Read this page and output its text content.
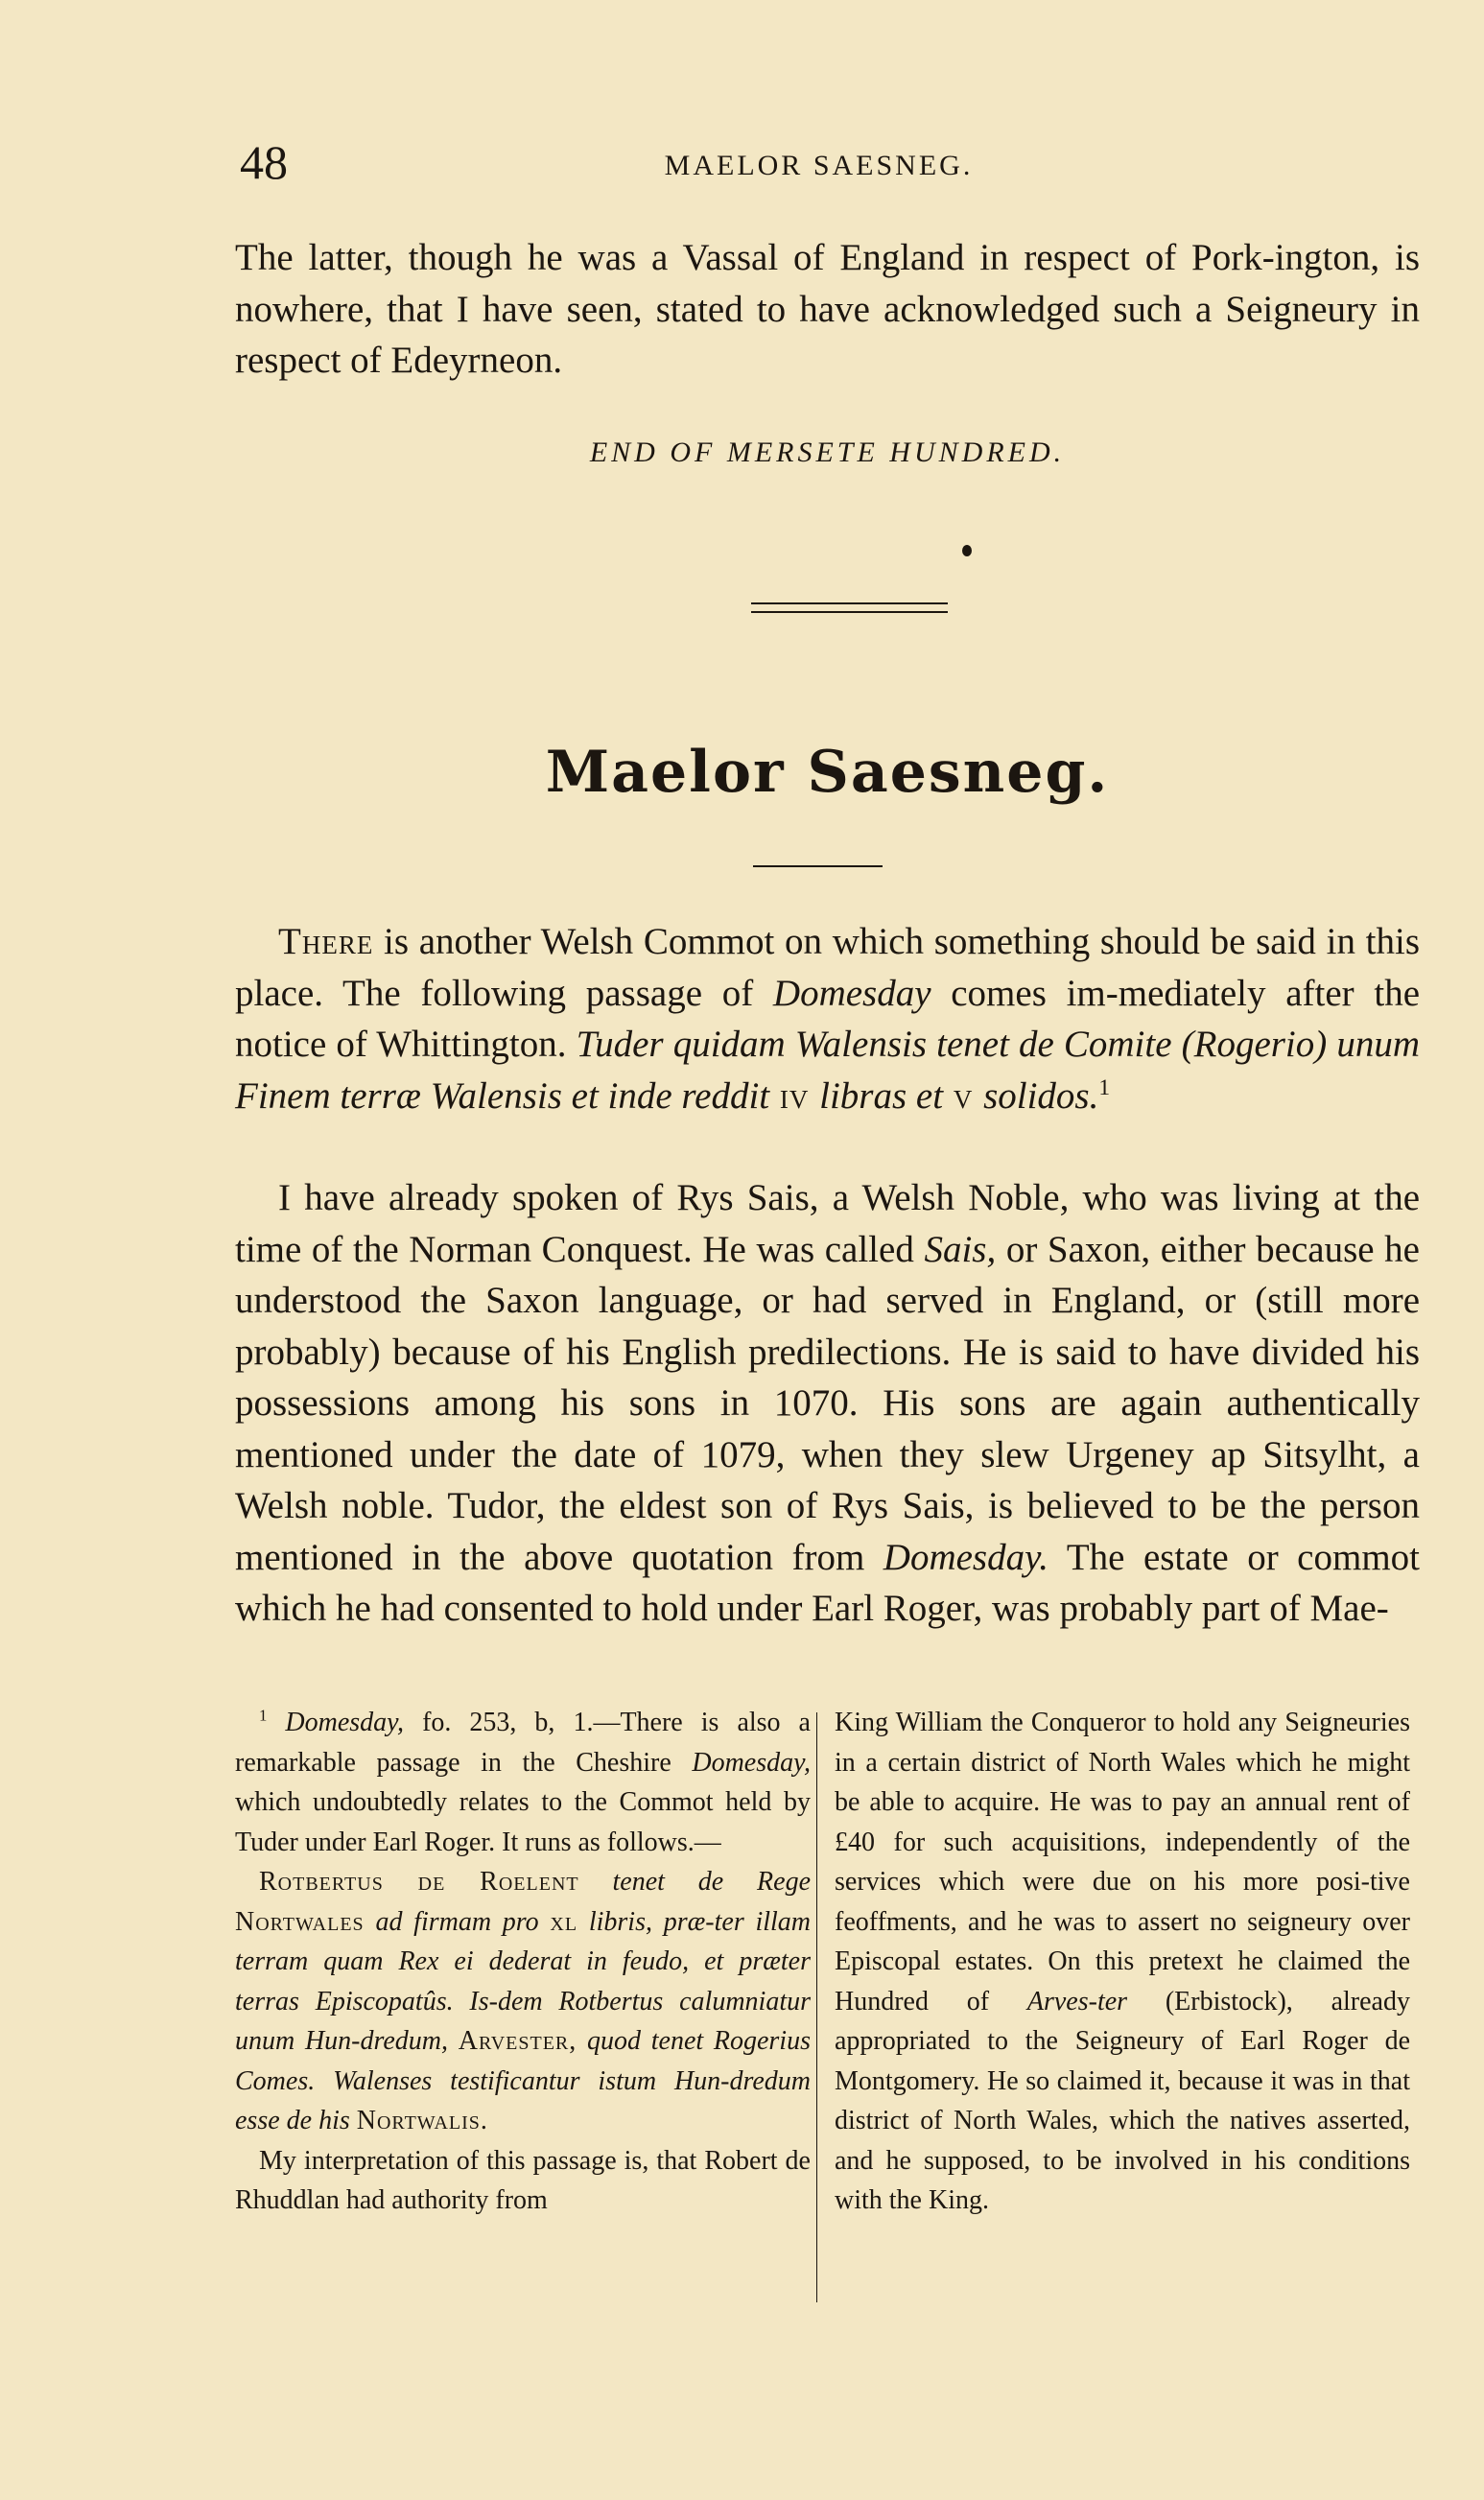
48	MAELOR SAESNEG.
The latter, though he was a Vassal of England in respect of Pork-ington, is nowhere, that I have seen, stated to have acknowledged such a Seigneury in respect of Edeyrneon.
END OF MERSETE HUNDRED.
Maelor Saesneg.
There is another Welsh Commot on which something should be said in this place. The following passage of Domesday comes im-mediately after the notice of Whittington. Tuder quidam Walensis tenet de Comite (Rogerio) unum Finem terræ Walensis et inde reddit iv libras et v solidos.$^1$
I have already spoken of Rys Sais, a Welsh Noble, who was living at the time of the Norman Conquest. He was called Sais, or Saxon, either because he understood the Saxon language, or had served in England, or (still more probably) because of his English predilections. He is said to have divided his possessions among his sons in 1070. His sons are again authentically mentioned under the date of 1079, when they slew Urgeney ap Sitsylht, a Welsh noble. Tudor, the eldest son of Rys Sais, is believed to be the person mentioned in the above quotation from Domesday. The estate or commot which he had consented to hold under Earl Roger, was probably part of Mae-

$^1$ Domesday, fo. 253, b, 1.—There is also a remarkable passage in the Cheshire Domesday, which undoubtedly relates to the Commot held by Tuder under Earl Roger. It runs as follows.—

Rotbertus de Roelent tenet de Rege Nortwales ad firmam pro xl libris, præ-ter illam terram quam Rex ei dederat in feudo, et præter terras Episcopatûs. Is-dem Rotbertus calumniatur unum Hun-dredum, Arvester, quod tenet Rogerius Comes. Walenses testificantur istum Hun-dredum esse de his Nortwalis.

My interpretation of this passage is, that Robert de Rhuddlan had authority from

King William the Conqueror to hold any Seigneuries in a certain district of North Wales which he might be able to acquire. He was to pay an annual rent of £40 for such acquisitions, independently of the services which were due on his more posi-tive feoffments, and he was to assert no seigneury over Episcopal estates. On this pretext he claimed the Hundred of Arves-ter (Erbistock), already appropriated to the Seigneury of Earl Roger de Montgomery. He so claimed it, because it was in that district of North Wales, which the natives asserted, and he supposed, to be involved in his conditions with the King.
